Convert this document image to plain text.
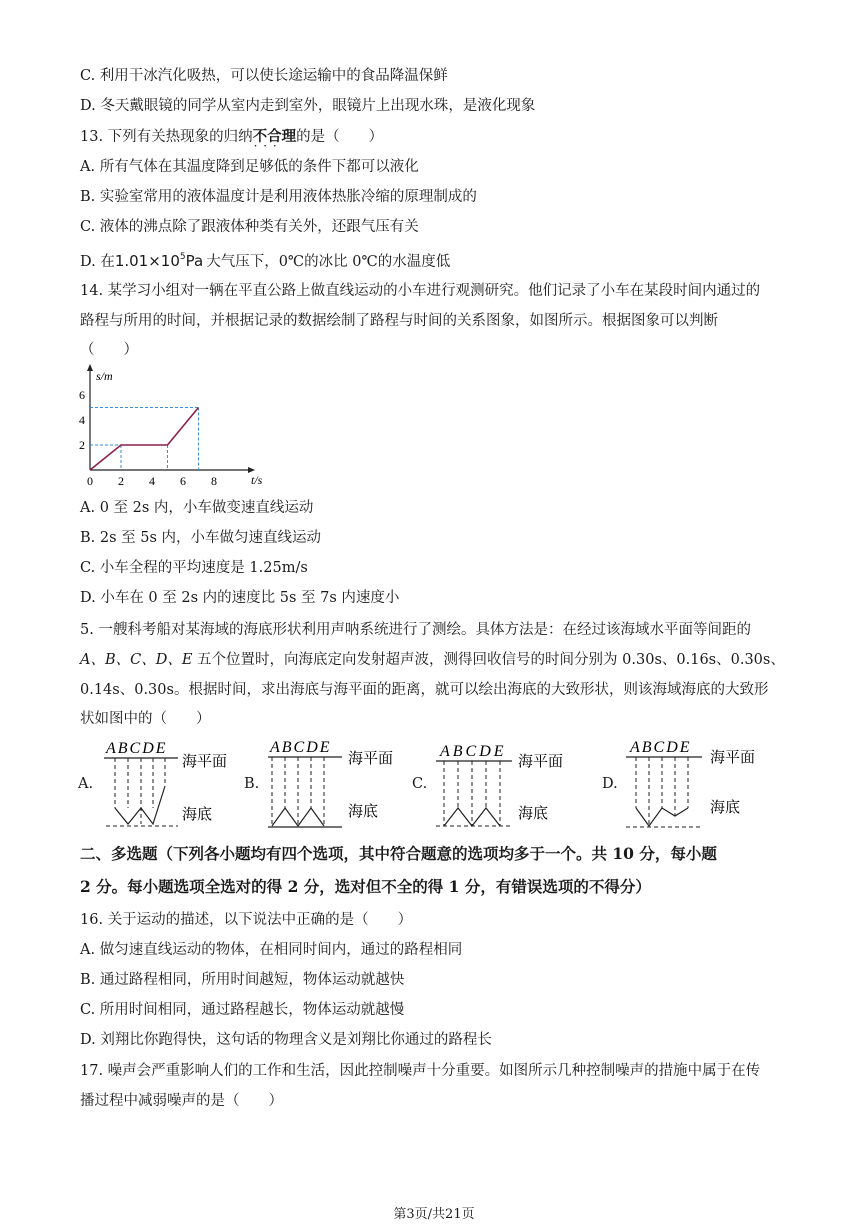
C. 利用干冰汽化吸热，可以使长途运输中的食品降温保鲜
D. 冬天戴眼镜的同学从室内走到室外，眼镜片上出现水珠，是液化现象
13. 下列有关热现象的归纳不合理 · · ·的是（　　）
A. 所有气体在其温度降到足够低的条件下都可以液化
B. 实验室常用的液体温度计是利用液体热胀冷缩的原理制成的
C. 液体的沸点除了跟液体种类有关外，还跟气压有关
D. 在$1.01\times 10^5Pa$ 大气压下，0℃的冰比 0℃的水温度低
14. 某学习小组对一辆在平直公路上做直线运动的小车进行观测研究。他们记录了小车在某段时间内通过的
路程与所用的时间，并根据记录的数据绘制了路程与时间的关系图象，如图所示。根据图象可以判断
（　　）
s/m
t/s
0 2 4 6 8
2
4
6
A. 0 至 2s 内，小车做变速直线运动
B. 2s 至 5s 内，小车做匀速直线运动
C. 小车全程的平均速度是 1.25m/s
D. 小车在 0 至 2s 内的速度比 5s 至 7s 内速度小
5. 一艘科考船对某海域的海底形状利用声呐系统进行了测绘。具体方法是：在经过该海域水平面等间距的
A、B、C、D、E 五个位置时，向海底定向发射超声波，测得回收信号的时间分别为 0.30s、0.16s、0.30s、
0.14s、0.30s。根据时间，求出海底与海平面的距离，就可以绘出海底的大致形状，则该海域海底的大致形
状如图中的（　　）
A.
ABCDE
海平面
海底
B.
ABCDE
海平面
海底
C.
ABCDE
海平面
海底
D.
ABCDE
海平面
海底
二、多选题（下列各小题均有四个选项，其中符合题意的选项均多于一个。共 10 分，每小题
2 分。每小题选项全选对的得 2 分，选对但不全的得 1 分，有错误选项的不得分）
16. 关于运动的描述，以下说法中正确的是（　　）
A. 做匀速直线运动的物体，在相同时间内，通过的路程相同
B. 通过路程相同，所用时间越短，物体运动就越快
C. 所用时间相同，通过路程越长，物体运动就越慢
D. 刘翔比你跑得快，这句话的物理含义是刘翔比你通过的路程长
17. 噪声会严重影响人们的工作和生活，因此控制噪声十分重要。如图所示几种控制噪声的措施中属于在传
播过程中减弱噪声的是（　　）
第3页/共21页
